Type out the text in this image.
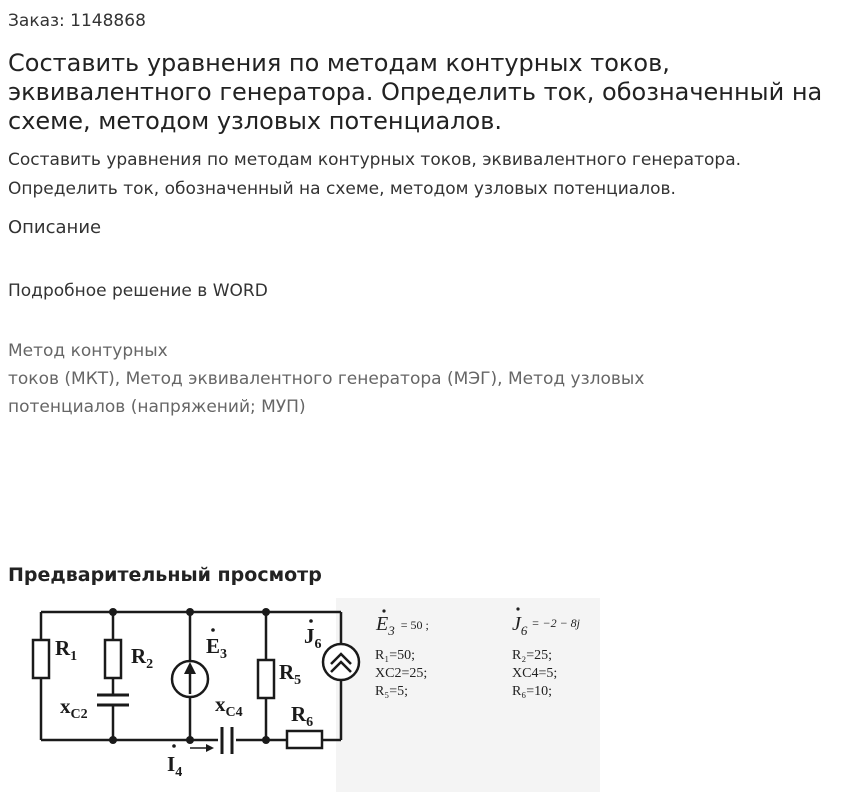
Заказ: 1148868
Составить уравнения по методам контурных токов, эквивалентного генератора. Определить ток, обозначенный на схеме, методом узловых потенциалов.

Составить уравнения по методам контурных токов, эквивалентного генератора. Определить ток, обозначенный на схеме, методом узловых потенциалов.

Описание
Подробное решение в WORD
Метод контурных
токов (МКТ), Метод эквивалентного генератора (МЭГ), Метод узловых
потенциалов (напряжений; МУП)
Предварительный просмотр
$R_1$	$R_2$
$x_{C2}$
$E_3$
$x_{C4}$
$R_5$
$R_6$
$J_6$
$I_4$
$E_3$ $^{= 50 ;}$	$J_6$ $^{= -2 - 8j}$
R₁=50;	R₂=25;
XC2=25;	XC4=5;
R₅=5;	R₆=10;
